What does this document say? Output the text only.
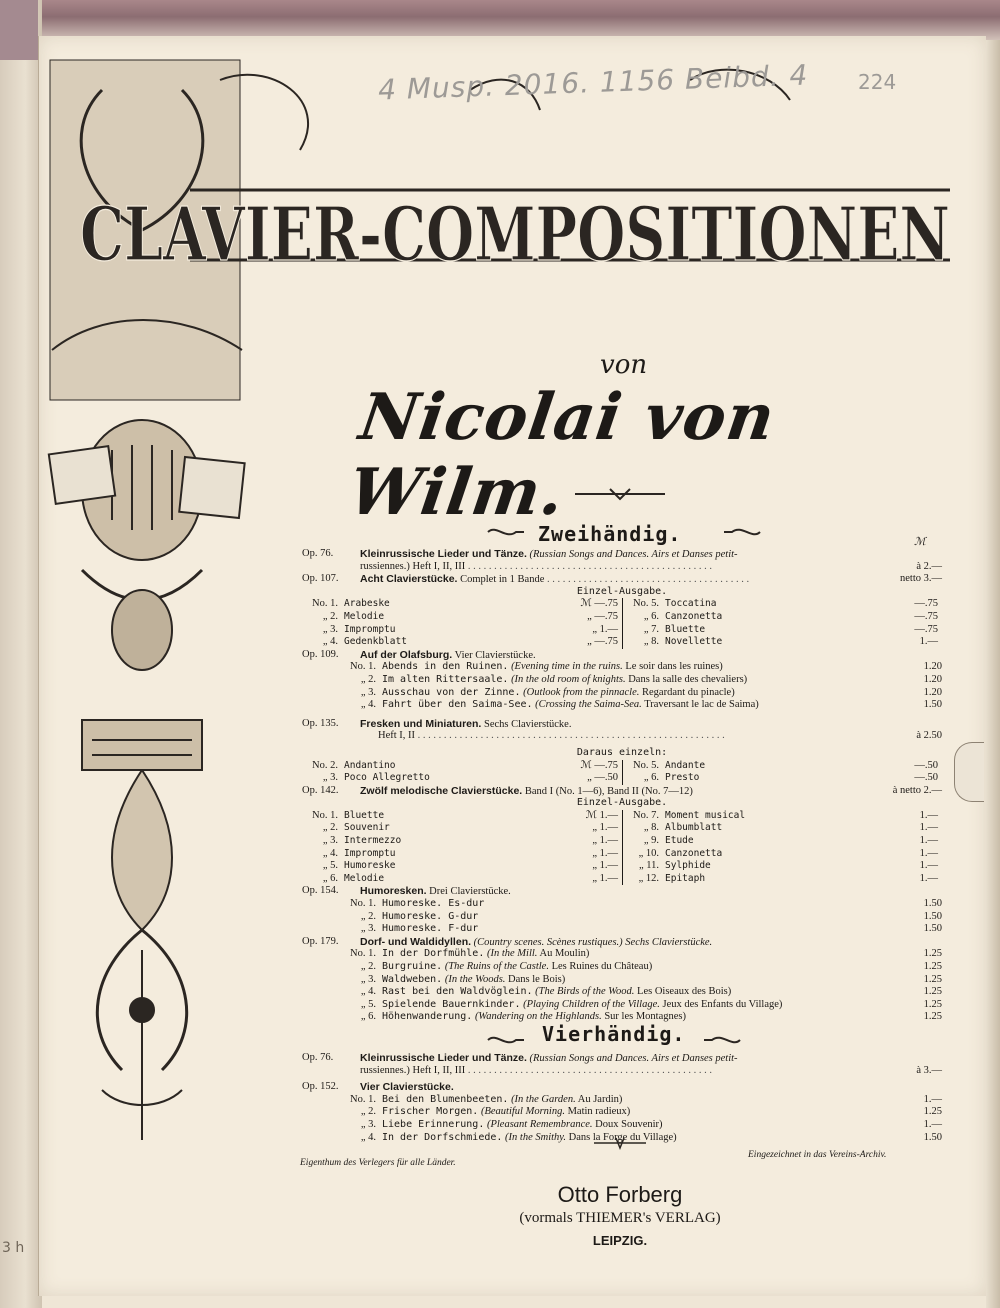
3 h
CLAVIER-COMPOSITIONEN
4 Musp. 2016. 1156 Beibd. 4 224
von
Nicolai von Wilm.
Zweihändig.	ℳ
Op. 76.	Kleinrussische Lieder und Tänze. (Russian Songs and Dances. Airs et Danses petit-
russiennes.) Heft I, II, III . . . . . . . . . . . . . . . . . . . . . . . . . . . . . . . . . . . . . . . . . . . . . . .	à 2.—
Op. 107.	Acht Clavierstücke. Complet in 1 Bande . . . . . . . . . . . . . . . . . . . . . . . . . . . . . . . . . . . . . . .	netto 3.—
Einzel-Ausgabe.
No. 1. Arabeske	ℳ —.75
„ 2. Melodie	„ —.75
„ 3. Impromptu	„ 1.—
„ 4. Gedenkblatt	„ —.75
No. 5. Toccatina	—.75
„ 6. Canzonetta	—.75
„ 7. Bluette	—.75
„ 8. Novellette	1.—
Op. 109.	Auf der Olafsburg. Vier Clavierstücke.
No. 1. Abends in den Ruinen. (Evening time in the ruins. Le soir dans les ruines)	1.20
„ 2. Im alten Rittersaale. (In the old room of knights. Dans la salle des chevaliers)	1.20
„ 3. Ausschau von der Zinne. (Outlook from the pinnacle. Regardant du pinacle)	1.20
„ 4. Fahrt über den Saima-See. (Crossing the Saima-Sea. Traversant le lac de Saima)	1.50
Op. 135.	Fresken und Miniaturen. Sechs Clavierstücke.
Heft I, II . . . . . . . . . . . . . . . . . . . . . . . . . . . . . . . . . . . . . . . . . . . . . . . . . . . . . . . . . . .	à 2.50
Daraus einzeln:
No. 2. Andantino	ℳ —.75
„ 3. Poco Allegretto	„ —.50
No. 5. Andante	—.50
„ 6. Presto	—.50
Op. 142.	Zwölf melodische Clavierstücke. Band I (No. 1—6), Band II (No. 7—12)	à netto 2.—
Einzel-Ausgabe.
No. 1. Bluette	ℳ 1.—
„ 2. Souvenir	„ 1.—
„ 3. Intermezzo	„ 1.—
„ 4. Impromptu	„ 1.—
„ 5. Humoreske	„ 1.—
„ 6. Melodie	„ 1.—
No. 7. Moment musical	1.—
„ 8. Albumblatt	1.—
„ 9. Etude	1.—
„ 10. Canzonetta	1.—
„ 11. Sylphide	1.—
„ 12. Epitaph	1.—
Op. 154.	Humoresken. Drei Clavierstücke.
No. 1. Humoreske. Es-dur	1.50
„ 2. Humoreske. G-dur	1.50
„ 3. Humoreske. F-dur	1.50
Op. 179.	Dorf- und Waldidyllen. (Country scenes. Scènes rustiques.) Sechs Clavierstücke.
No. 1. In der Dorfmühle. (In the Mill. Au Moulin)	1.25
„ 2. Burgruine. (The Ruins of the Castle. Les Ruines du Château)	1.25
„ 3. Waldweben. (In the Woods. Dans le Bois)	1.25
„ 4. Rast bei den Waldvöglein. (The Birds of the Wood. Les Oiseaux des Bois)	1.25
„ 5. Spielende Bauernkinder. (Playing Children of the Village. Jeux des Enfants du Village)	1.25
„ 6. Höhenwanderung. (Wandering on the Highlands. Sur les Montagnes)	1.25
Vierhändig.
Op. 76.	Kleinrussische Lieder und Tänze. (Russian Songs and Dances. Airs et Danses petit-
russiennes.) Heft I, II, III . . . . . . . . . . . . . . . . . . . . . . . . . . . . . . . . . . . . . . . . . . . . . . .	à 3.—
Op. 152.	Vier Clavierstücke.
No. 1. Bei den Blumenbeeten. (In the Garden. Au Jardin)	1.—
„ 2. Frischer Morgen. (Beautiful Morning. Matin radieux)	1.25
„ 3. Liebe Erinnerung. (Pleasant Remembrance. Doux Souvenir)	1.—
„ 4. In der Dorfschmiede. (In the Smithy. Dans la Forge du Village)	1.50
Eigenthum des Verlegers für alle Länder.
Eingezeichnet in das Vereins-Archiv.
Otto Forberg
(vormals THIEMER's VERLAG)
LEIPZIG.
